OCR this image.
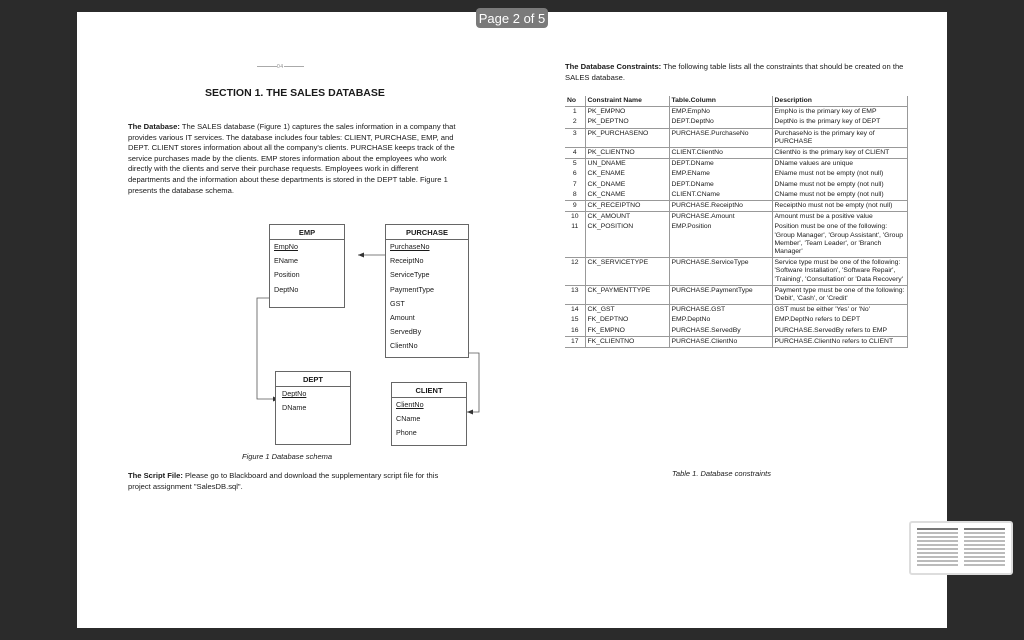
Page 2 of 5
04
SECTION 1. THE SALES DATABASE
The Database: The SALES database (Figure 1) captures the sales information in a company that provides various IT services. The database includes four tables: CLIENT, PURCHASE, EMP, and DEPT. CLIENT stores information about all the company's clients. PURCHASE keeps track of the service purchases made by the clients. EMP stores information about the employees who work directly with the clients and serve their purchase requests. Employees work in different departments and the information about these departments is stored in the DEPT table. Figure 1 presents the database schema.
EMP
EmpNo
EName
Position
DeptNo
PURCHASE
PurchaseNo
ReceiptNo
ServiceType
PaymentType
GST
Amount
ServedBy
ClientNo
DEPT
DeptNo
DName
CLIENT
ClientNo
CName
Phone
Figure 1 Database schema
The Script File: Please go to Blackboard and download the supplementary script file for this project assignment "SalesDB.sql".
The Database Constraints: The following table lists all the constraints that should be created on the SALES database.
No	Constraint Name	Table.Column	Description
1	PK_EMPNO	EMP.EmpNo	EmpNo is the primary key of EMP
2	PK_DEPTNO	DEPT.DeptNo	DeptNo is the primary key of DEPT
3	PK_PURCHASENO	PURCHASE.PurchaseNo	PurchaseNo is the primary key of PURCHASE
4	PK_CLIENTNO	CLIENT.ClientNo	ClientNo is the primary key of CLIENT
5	UN_DNAME	DEPT.DName	DName values are unique
6	CK_ENAME	EMP.EName	EName must not be empty (not null)
7	CK_DNAME	DEPT.DName	DName must not be empty (not null)
8	CK_CNAME	CLIENT.CName	CName must not be empty (not null)
9	CK_RECEIPTNO	PURCHASE.ReceiptNo	ReceiptNo must not be empty (not null)
10	CK_AMOUNT	PURCHASE.Amount	Amount must be a positive value
11	CK_POSITION	EMP.Position	Position must be one of the following: 'Group Manager', 'Group Assistant', 'Group Member', 'Team Leader', or 'Branch Manager'
12	CK_SERVICETYPE	PURCHASE.ServiceType	Service type must be one of the following: 'Software Installation', 'Software Repair', 'Training', 'Consultation' or 'Data Recovery'
13	CK_PAYMENTTYPE	PURCHASE.PaymentType	Payment type must be one of the following: 'Debit', 'Cash', or 'Credit'
14	CK_GST	PURCHASE.GST	GST must be either 'Yes' or 'No'
15	FK_DEPTNO	EMP.DeptNo	EMP.DeptNo refers to DEPT
16	FK_EMPNO	PURCHASE.ServedBy	PURCHASE.ServedBy refers to EMP
17	FK_CLIENTNO	PURCHASE.ClientNo	PURCHASE.ClientNo refers to CLIENT
Table 1. Database constraints
